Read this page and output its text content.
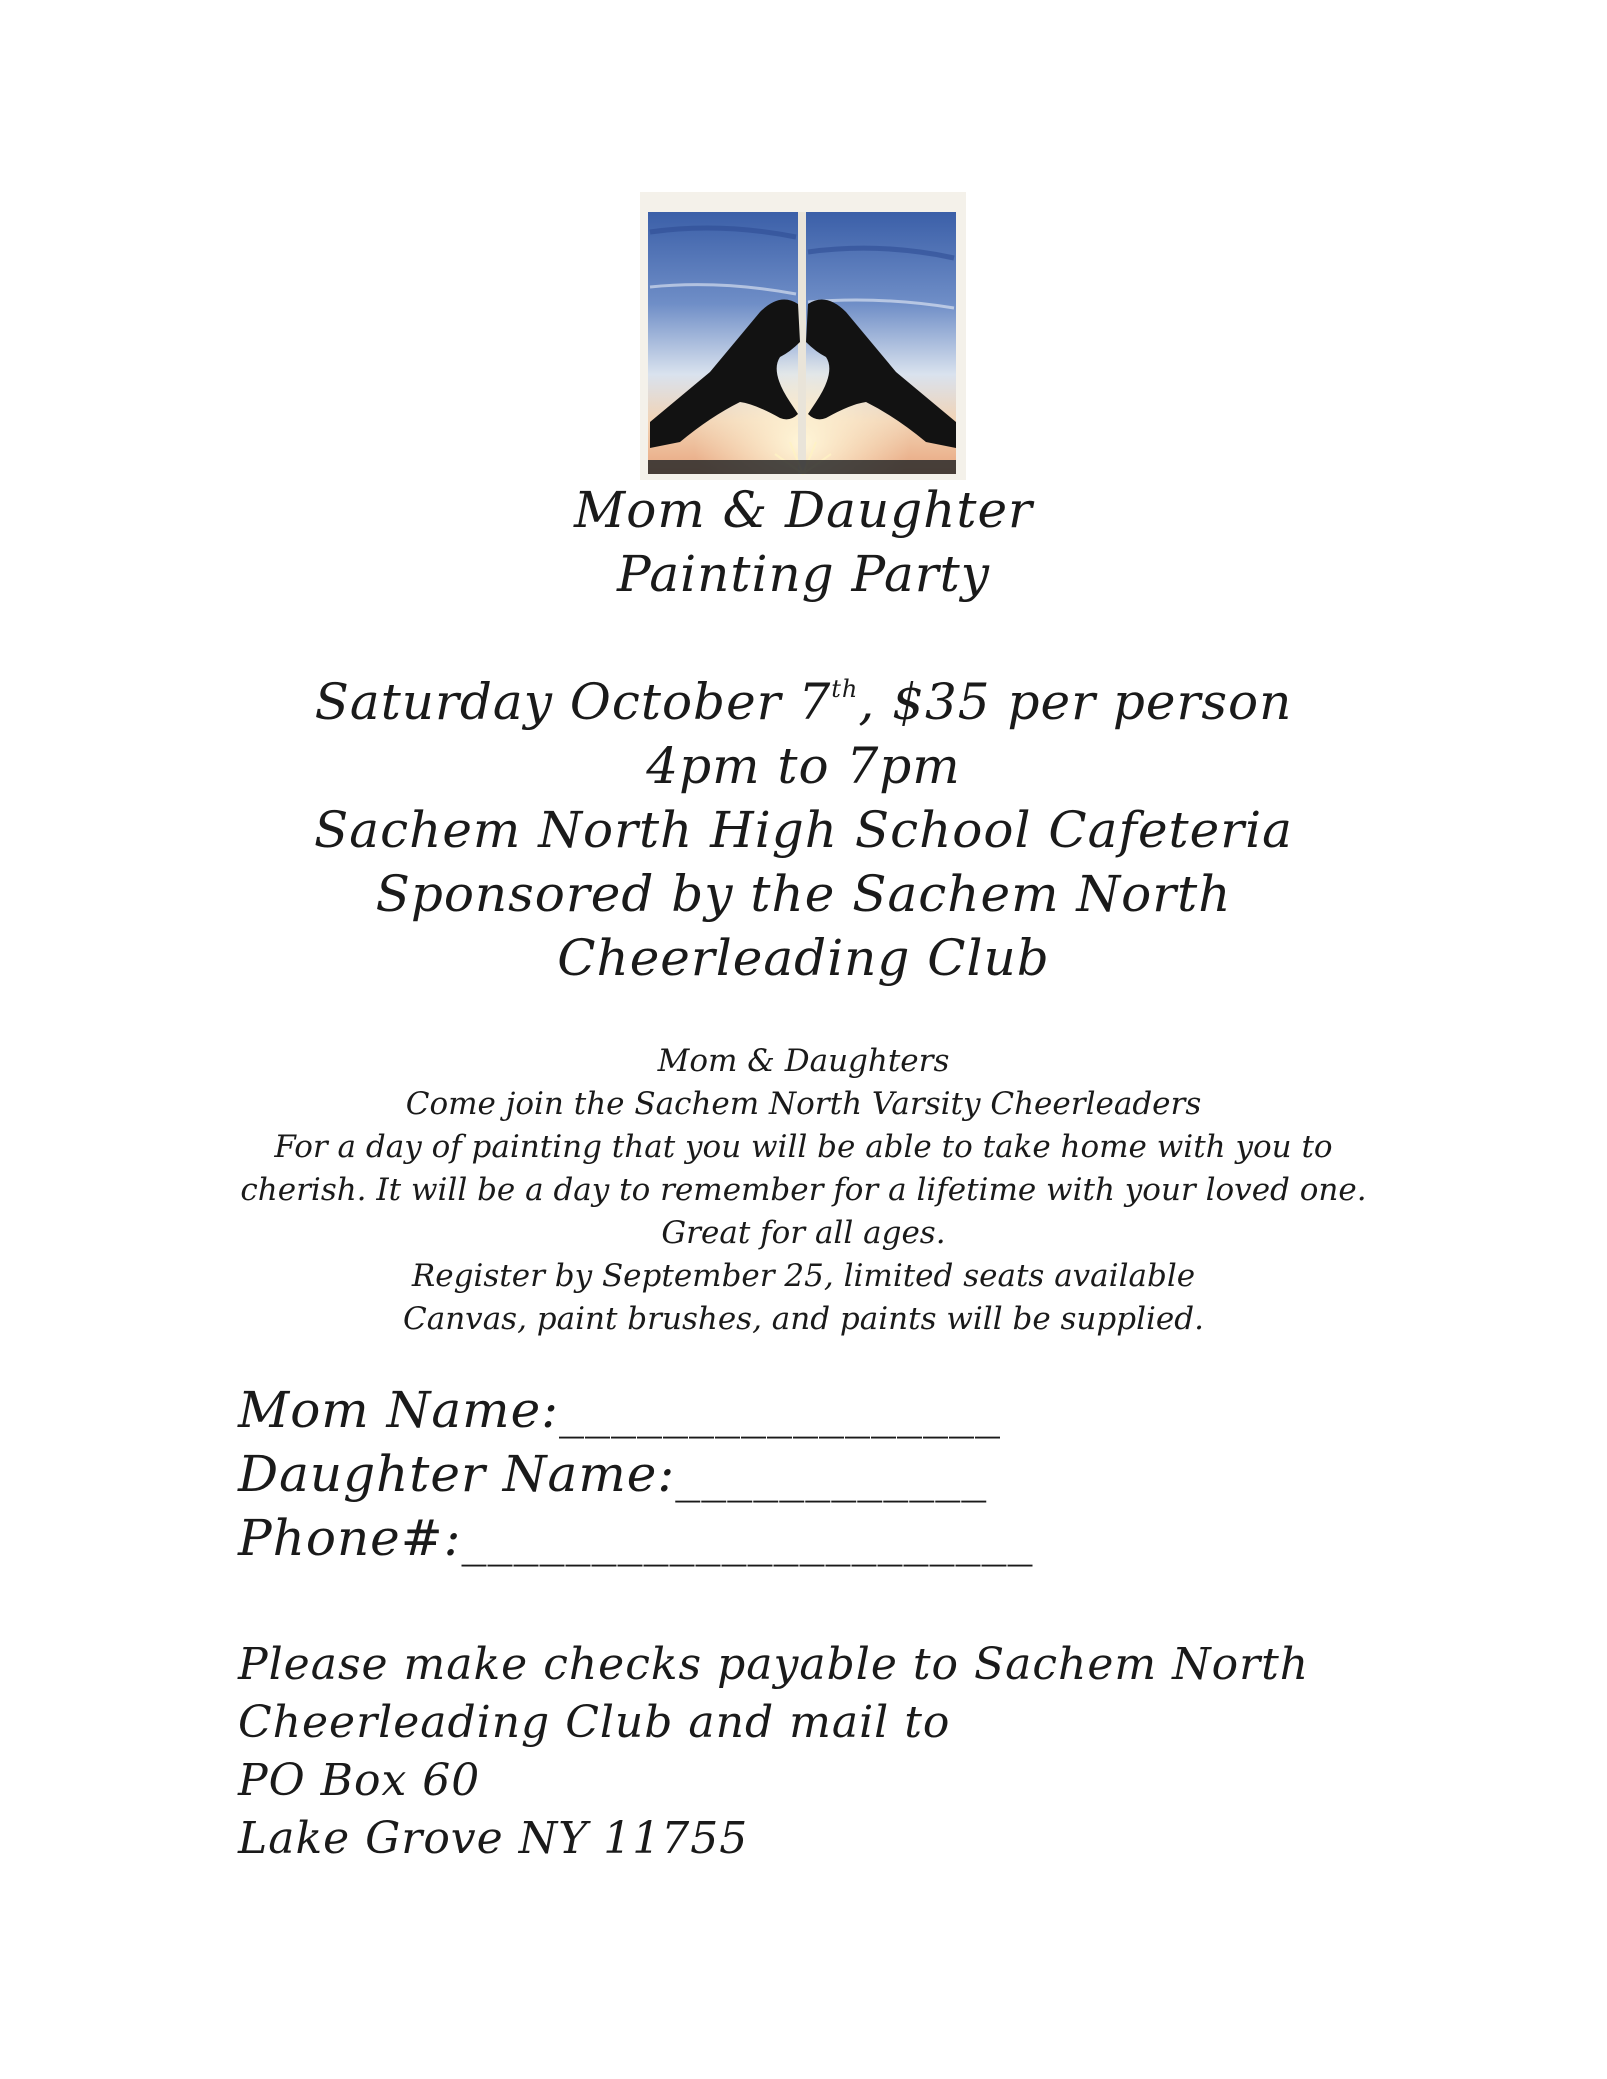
Mom & Daughter
Painting Party
Saturday October 7th, $35 per person
4pm to 7pm
Sachem North High School Cafeteria
Sponsored by the Sachem North
Cheerleading Club
Mom & Daughters
Come join the Sachem North Varsity Cheerleaders
For a day of painting that you will be able to take home with you to cherish. It will be a day to remember for a lifetime with your loved one.
Great for all ages.
Register by September 25, limited seats available
Canvas, paint brushes, and paints will be supplied.
Mom Name:_________________
Daughter Name:____________
Phone#:______________________
Please make checks payable to Sachem North
Cheerleading Club and mail to
PO Box 60
Lake Grove NY 11755
